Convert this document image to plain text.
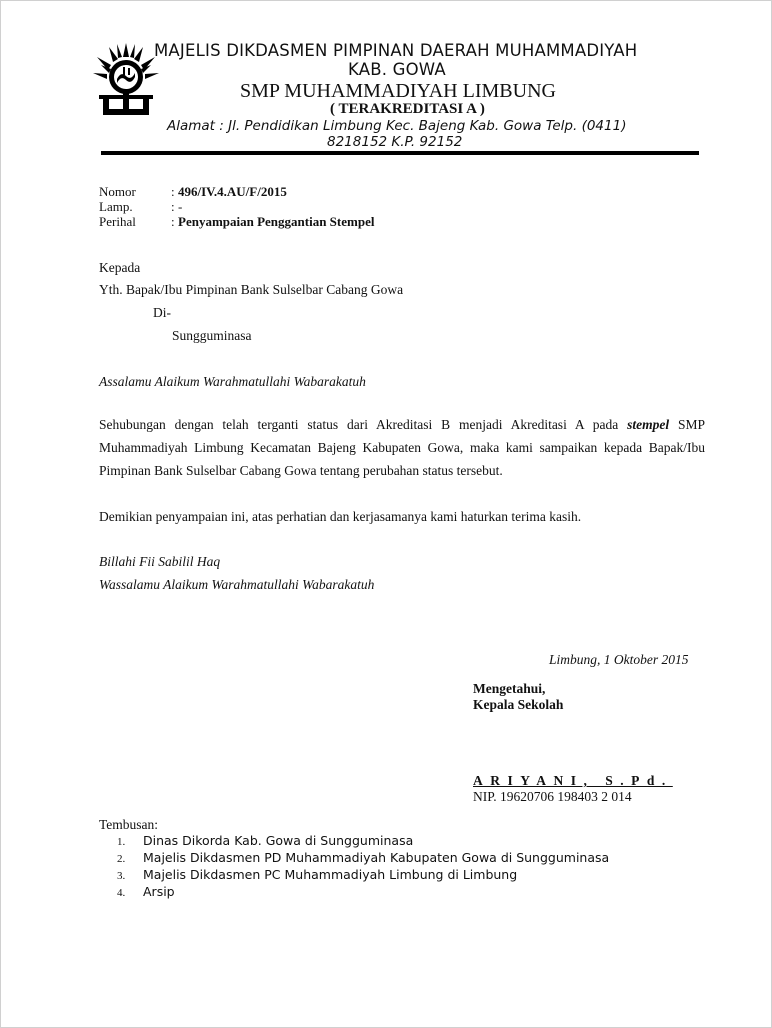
MAJELIS DIKDASMEN PIMPINAN DAERAH MUHAMMADIYAH
KAB. GOWA
SMP MUHAMMADIYAH LIMBUNG
( TERAKREDITASI A )
Alamat : Jl. Pendidikan Limbung Kec. Bajeng Kab. Gowa Telp. (0411)
8218152 K.P. 92152
Nomor	: 496/IV.4.AU/F/2015
Lamp.	: -
Perihal	: Penyampaian Penggantian Stempel
Kepada
Yth. Bapak/Ibu Pimpinan Bank Sulselbar Cabang Gowa
Di-
Sungguminasa
Assalamu Alaikum Warahmatullahi Wabarakatuh
Sehubungan dengan telah terganti status dari Akreditasi B menjadi Akreditasi A pada stempel SMP Muhammadiyah Limbung Kecamatan Bajeng Kabupaten Gowa, maka kami sampaikan kepada Bapak/Ibu Pimpinan Bank Sulselbar Cabang Gowa tentang perubahan status tersebut.
Demikian penyampaian ini, atas perhatian dan kerjasamanya kami haturkan terima kasih.
Billahi Fii Sabilil Haq
Wassalamu Alaikum Warahmatullahi Wabarakatuh
Limbung, 1 Oktober 2015
Mengetahui,
Kepala Sekolah
ARIYANI, S.Pd.
NIP. 19620706 198403 2 014
Tembusan:
1.	Dinas Dikorda Kab. Gowa di Sungguminasa
2.	Majelis Dikdasmen PD Muhammadiyah Kabupaten Gowa di Sungguminasa
3.	Majelis Dikdasmen PC Muhammadiyah Limbung di Limbung
4.	Arsip
